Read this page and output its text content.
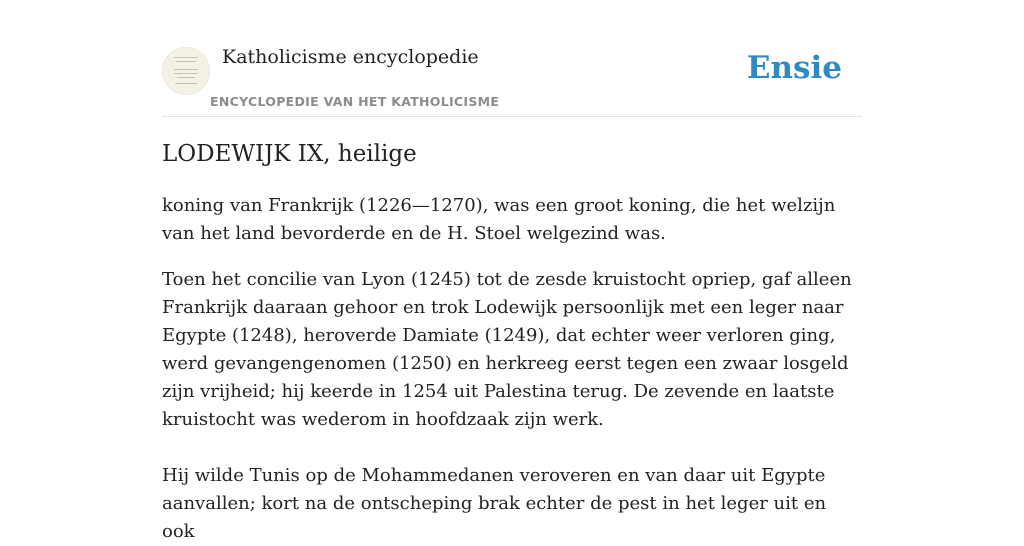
Katholicisme encyclopedie
ENCYCLOPEDIE VAN HET KATHOLICISME
Ensie
LODEWIJK IX, heilige

koning van Frankrijk (1226—1270), was een groot koning, die het welzijn van het land bevorderde en de H. Stoel welgezind was.

Toen het concilie van Lyon (1245) tot de zesde kruistocht opriep, gaf alleen Frankrijk daaraan gehoor en trok Lodewijk persoonlijk met een leger naar Egypte (1248), heroverde Damiate (1249), dat echter weer verloren ging, werd gevangengenomen (1250) en herkreeg eerst tegen een zwaar losgeld zijn vrijheid; hij keerde in 1254 uit Palestina terug. De zevende en laatste kruistocht was wederom in hoofdzaak zijn werk.

Hij wilde Tunis op de Mohammedanen veroveren en van daar uit Egypte aanvallen; kort na de ontscheping brak echter de pest in het leger uit en ook
